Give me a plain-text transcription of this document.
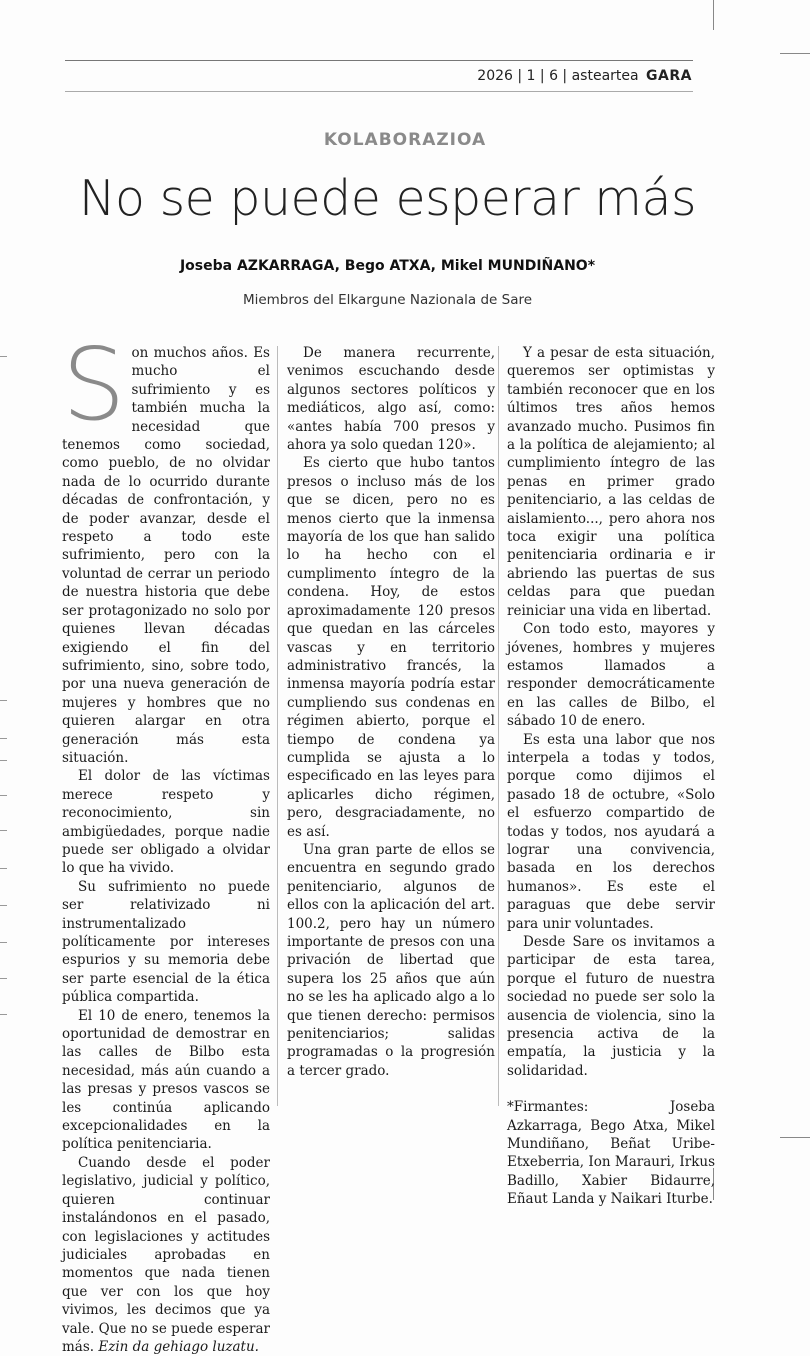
2026 | 1 | 6 | asteartea GARA
KOLABORAZIOA
No se puede esperar más
Joseba AZKARRAGA, Bego ATXA, Mikel MUNDIÑANO*
Miembros del Elkargune Nazionala de Sare

Son muchos años. Es mucho el sufrimiento y es también mucha la necesidad que tenemos como sociedad, como pueblo, de no olvidar nada de lo ocurrido durante décadas de confrontación, y de poder avanzar, desde el respeto a todo este sufrimiento, pero con la voluntad de cerrar un periodo de nuestra historia que debe ser protagonizado no solo por quienes llevan décadas exigiendo el fin del sufrimiento, sino, sobre todo, por una nueva generación de mujeres y hombres que no quieren alargar en otra generación más esta situación.

El dolor de las víctimas merece respeto y reconocimiento, sin ambigüedades, porque nadie puede ser obligado a olvidar lo que ha vivido.

Su sufrimiento no puede ser relativizado ni instrumentalizado políticamente por intereses espurios y su memoria debe ser parte esencial de la ética pública compartida.

El 10 de enero, tenemos la oportunidad de demostrar en las calles de Bilbo esta necesidad, más aún cuando a las presas y presos vascos se les continúa aplicando excepcionalidades en la política penitenciaria.

Cuando desde el poder legislativo, judicial y político, quieren continuar instalándonos en el pasado, con legislaciones y actitudes judiciales aprobadas en momentos que nada tienen que ver con los que hoy vivimos, les decimos que ya vale. Que no se puede esperar más. Ezin da gehiago luzatu.

De manera recurrente, venimos escuchando desde algunos sectores políticos y mediáticos, algo así, como: «antes había 700 presos y ahora ya solo quedan 120».

Es cierto que hubo tantos presos o incluso más de los que se dicen, pero no es menos cierto que la inmensa mayoría de los que han salido lo ha hecho con el cumplimento íntegro de la condena. Hoy, de estos aproximadamente 120 presos que quedan en las cárceles vascas y en territorio administrativo francés, la inmensa mayoría podría estar cumpliendo sus condenas en régimen abierto, porque el tiempo de condena ya cumplida se ajusta a lo especificado en las leyes para aplicarles dicho régimen, pero, desgraciadamente, no es así.

Una gran parte de ellos se encuentra en segundo grado penitenciario, algunos de ellos con la aplicación del art. 100.2, pero hay un número importante de presos con una privación de libertad que supera los 25 años que aún no se les ha aplicado algo a lo que tienen derecho: permisos penitenciarios; salidas programadas o la progresión a tercer grado.

Y a pesar de esta situación, queremos ser optimistas y también reconocer que en los últimos tres años hemos avanzado mucho. Pusimos fin a la política de alejamiento; al cumplimiento íntegro de las penas en primer grado penitenciario, a las celdas de aislamiento..., pero ahora nos toca exigir una política penitenciaria ordinaria e ir abriendo las puertas de sus celdas para que puedan reiniciar una vida en libertad.

Con todo esto, mayores y jóvenes, hombres y mujeres estamos llamados a responder democráticamente en las calles de Bilbo, el sábado 10 de enero.

Es esta una labor que nos interpela a todas y todos, porque como dijimos el pasado 18 de octubre, «Solo el esfuerzo compartido de todas y todos, nos ayudará a lograr una convivencia, basada en los derechos humanos». Es este el paraguas que debe servir para unir voluntades.

Desde Sare os invitamos a participar de esta tarea, porque el futuro de nuestra sociedad no puede ser solo la ausencia de violencia, sino la presencia activa de la empatía, la justicia y la solidaridad.

*Firmantes: Joseba Azkarraga, Bego Atxa, Mikel Mundiñano, Beñat Uribe-Etxeberria, Ion Marauri, Irkus Badillo, Xabier Bidaurre, Eñaut Landa y Naikari Iturbe.
